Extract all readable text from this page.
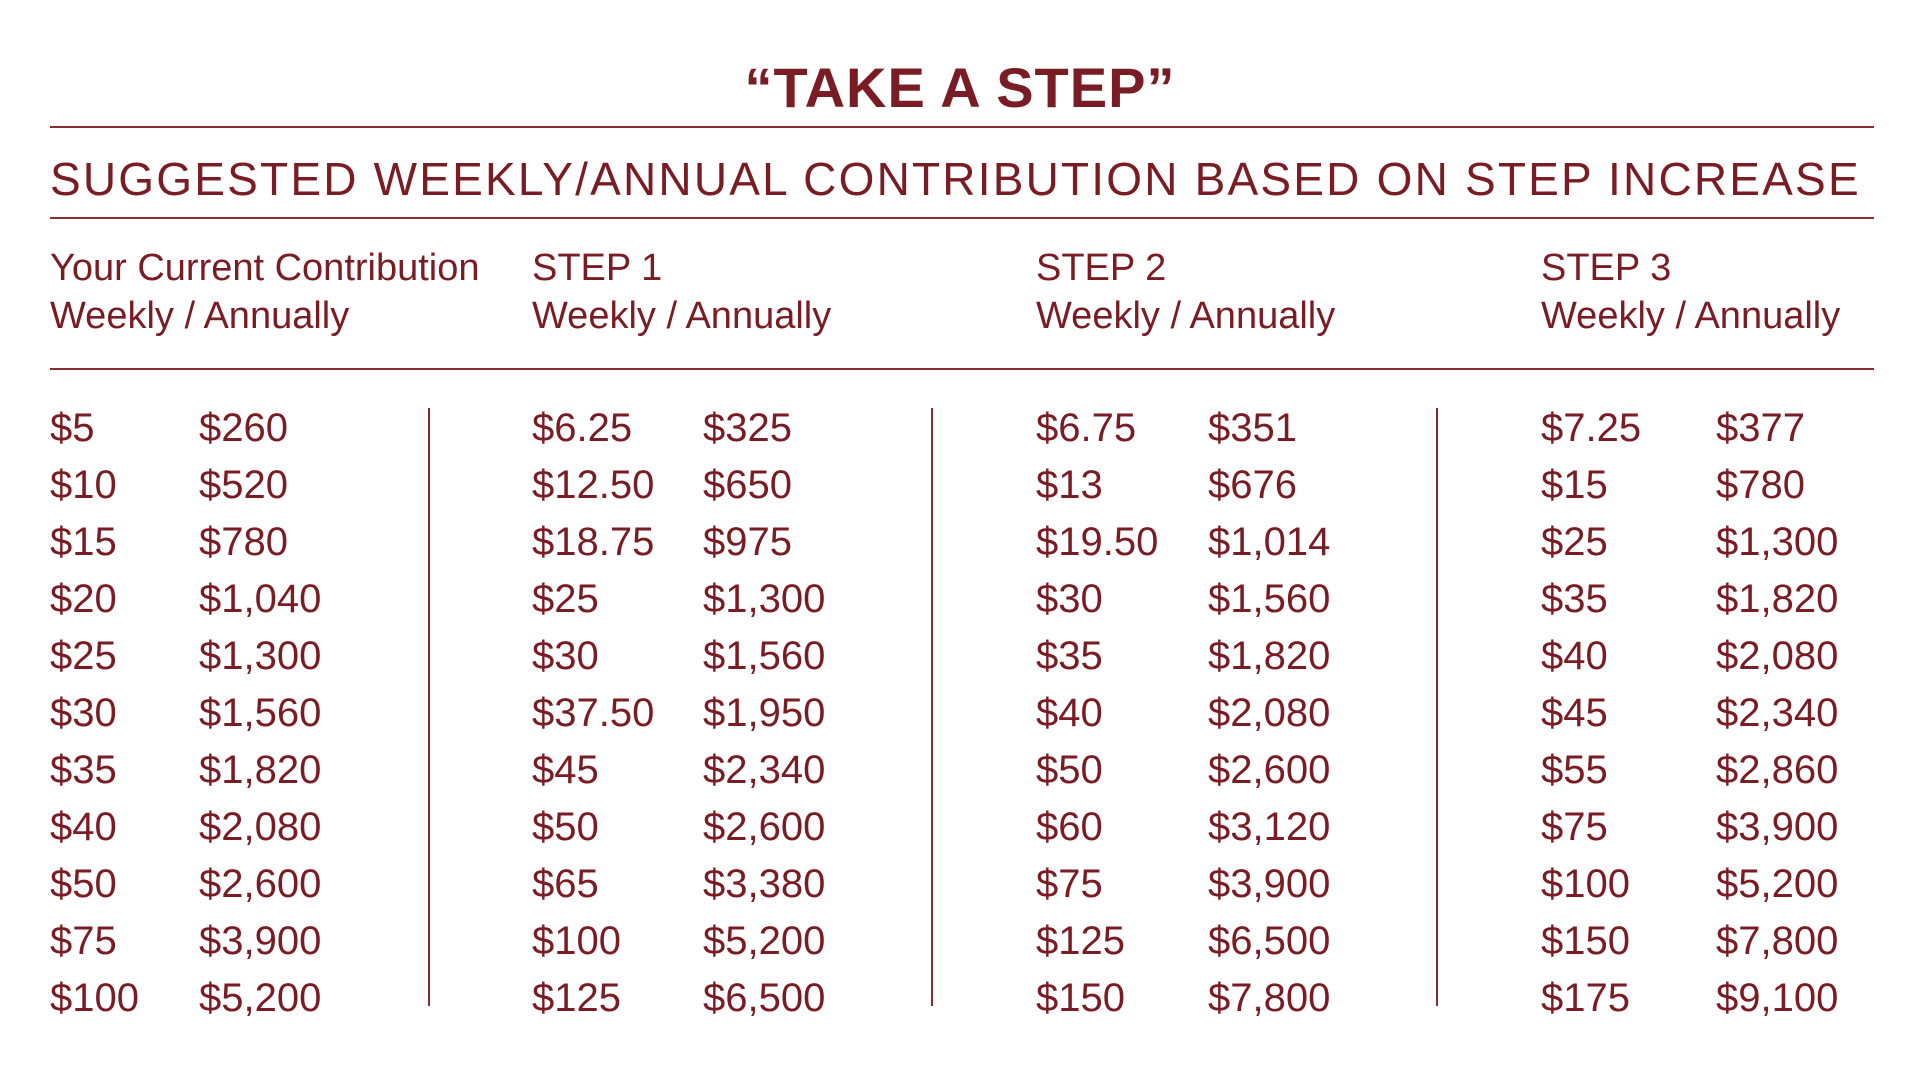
“TAKE A STEP”
SUGGESTED WEEKLY/ANNUAL CONTRIBUTION BASED ON STEP INCREASE
Your Current Contribution
Weekly / Annually
STEP 1
Weekly / Annually
STEP 2
Weekly / Annually
STEP 3
Weekly / Annually
$5	$260
$10 $520
$15 $780
$20 $1,040
$25 $1,300
$30 $1,560
$35 $1,820
$40 $2,080
$50 $2,600
$75 $3,900
$100 $5,200
$6.25 $325
$12.50 $650
$18.75 $975
$25	$1,300
$30	$1,560
$37.50 $1,950
$45	$2,340
$50	$2,600
$65	$3,380
$100 $5,200
$125 $6,500
$6.75 $351
$13	$676
$19.50 $1,014
$30	$1,560
$35	$1,820
$40	$2,080
$50	$2,600
$60	$3,120
$75	$3,900
$125 $6,500
$150 $7,800
$7.25 $377
$15	$780
$25	$1,300
$35	$1,820
$40	$2,080
$45	$2,340
$55	$2,860
$75	$3,900
$100 $5,200
$150 $7,800
$175 $9,100
